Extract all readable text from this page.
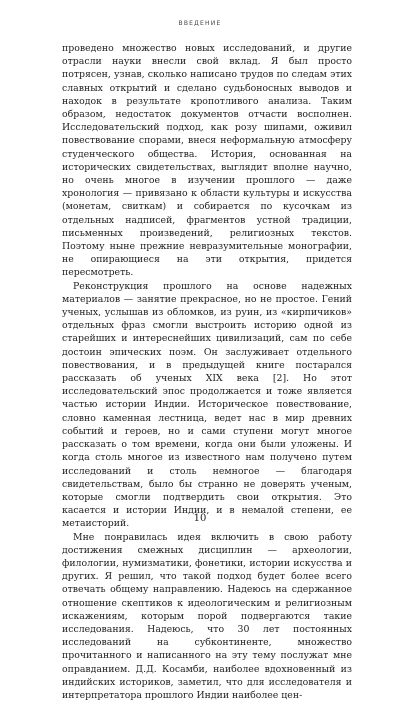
ВВЕДЕНИЕ

проведено множество новых исследований, и другие отрасли науки внесли свой вклад. Я был просто потрясен, узнав, сколько написано трудов по следам этих славных открытий и сделано судьбоносных выводов и находок в результате кропотливого анализа. Таким образом, недостаток документов отчасти восполнен. Исследовательский подход, как розу шипами, оживил повествование спорами, внеся неформальную атмосферу студенческого общества. История, основанная на исторических свидетельствах, выглядит вполне научно, но очень многое в изучении прошлого — даже хронология — привязано к области культуры и искусства (монетам, свиткам) и собирается по кусочкам из отдельных надписей, фрагментов устной традиции, письменных произведений, религиозных текстов. Поэтому ныне прежние невразумительные монографии, не опирающиеся на эти открытия, придется пересмотреть.

Реконструкция прошлого на основе надежных материалов — занятие прекрасное, но не простое. Гений ученых, услышав из обломков, из руин, из «кирпичиков» отдельных фраз смогли выстроить историю одной из старейших и интереснейших цивилизаций, сам по себе достоин эпических поэм. Он заслуживает отдельного повествования, и в предыдущей книге постарался рассказать об ученых XIX века [2]. Но этот исследовательский эпос продолжается и тоже является частью истории Индии. Историческое повествование, словно каменная лестница, ведет нас в мир древних событий и героев, но и сами ступени могут многое рассказать о том времени, когда они были уложены. И когда столь многое из известного нам получено путем исследований и столь немногое — благодаря свидетельствам, было бы странно не доверять ученым, которые смогли подтвердить свои открытия. Это касается и истории Индии, и в немалой степени, ее метаисторий.

Мне понравилась идея включить в свою работу достижения смежных дисциплин — археологии, филологии, нумизматики, фонетики, истории искусства и других. Я решил, что такой подход будет более всего отвечать общему направлению. Надеюсь на сдержанное отношение скептиков к идеологическим и религиозным искажениям, которым порой подвергаются такие исследования. Надеюсь, что 30 лет постоянных исследований на субконтиненте, множество прочитанного и написанного на эту тему послужат мне оправданием. Д.Д. Косамби, наиболее вдохновенный из индийских историков, заметил, что для исследователя и интерпретатора прошлого Индии наиболее цен-

10
